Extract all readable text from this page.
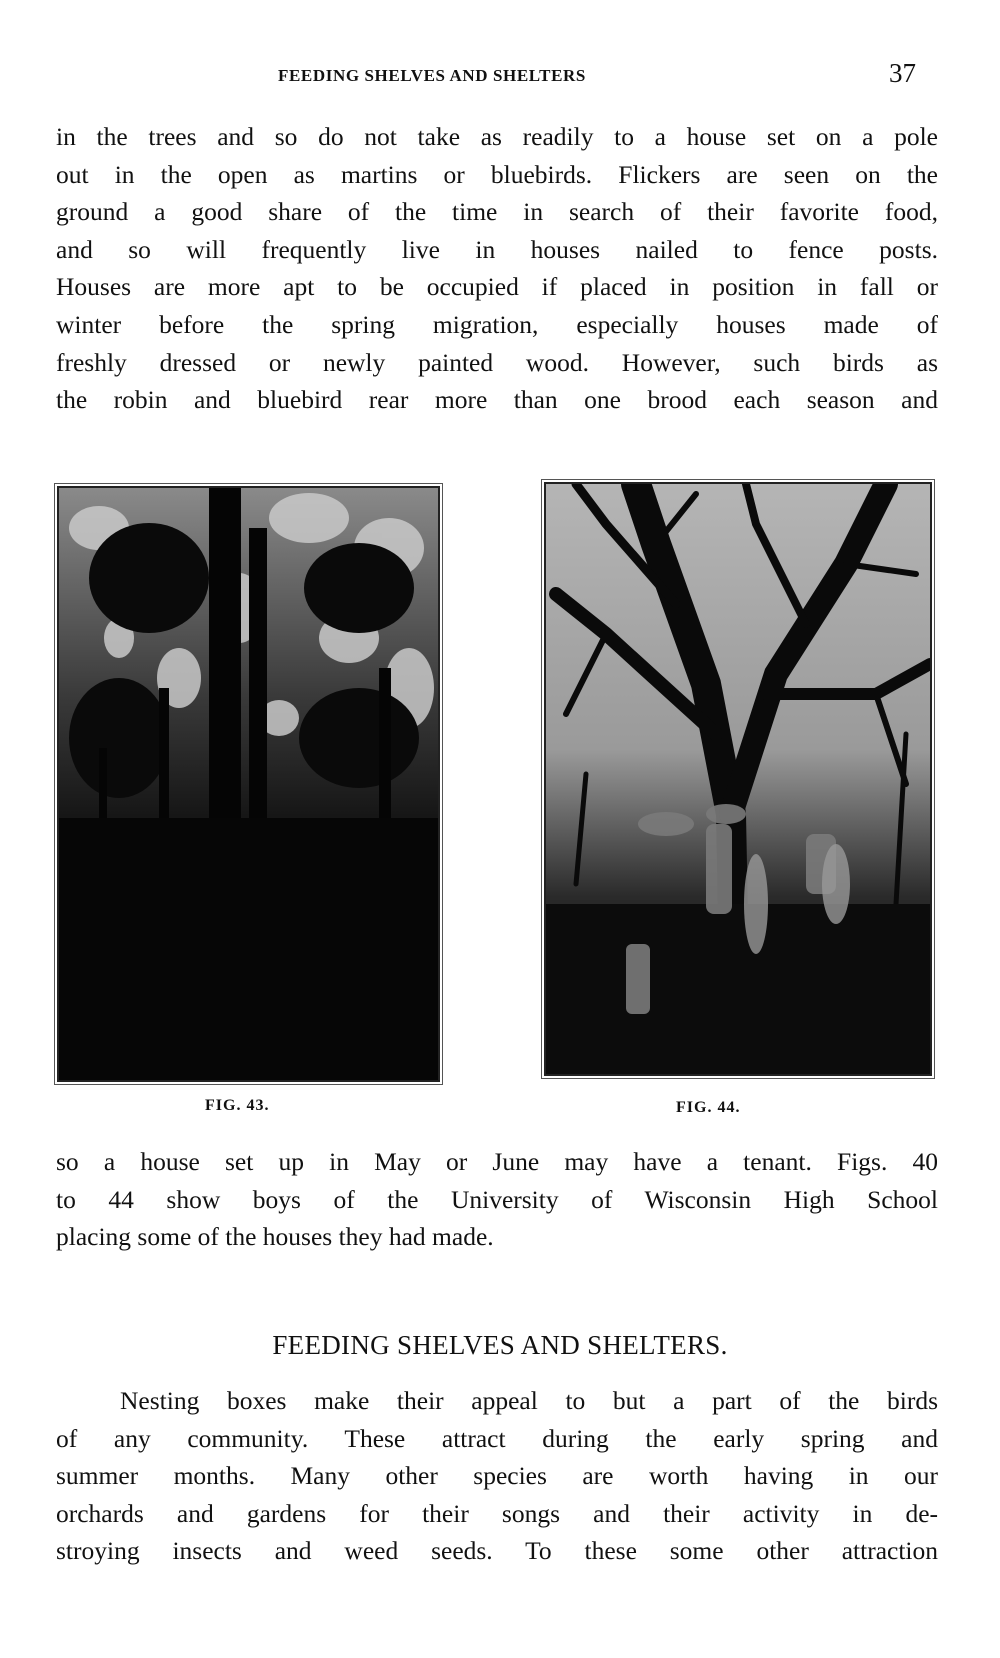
FEEDING SHELVES AND SHELTERS	37
in the trees and so do not take as readily to a house set on a pole
out in the open as martins or bluebirds. Flickers are seen on the
ground a good share of the time in search of their favorite food,
and so will frequently live in houses nailed to fence posts.
Houses are more apt to be occupied if placed in position in fall or
winter before the spring migration, especially houses made of
freshly dressed or newly painted wood. However, such birds as
the robin and bluebird rear more than one brood each season and
FIG. 43.	FIG. 44.
so a house set up in May or June may have a tenant. Figs. 40
to 44 show boys of the University of Wisconsin High School
placing some of the houses they had made.
FEEDING SHELVES AND SHELTERS.
Nesting boxes make their appeal to but a part of the birds
of any community. These attract during the early spring and
summer months. Many other species are worth having in our
orchards and gardens for their songs and their activity in de-
stroying insects and weed seeds. To these some other attraction
